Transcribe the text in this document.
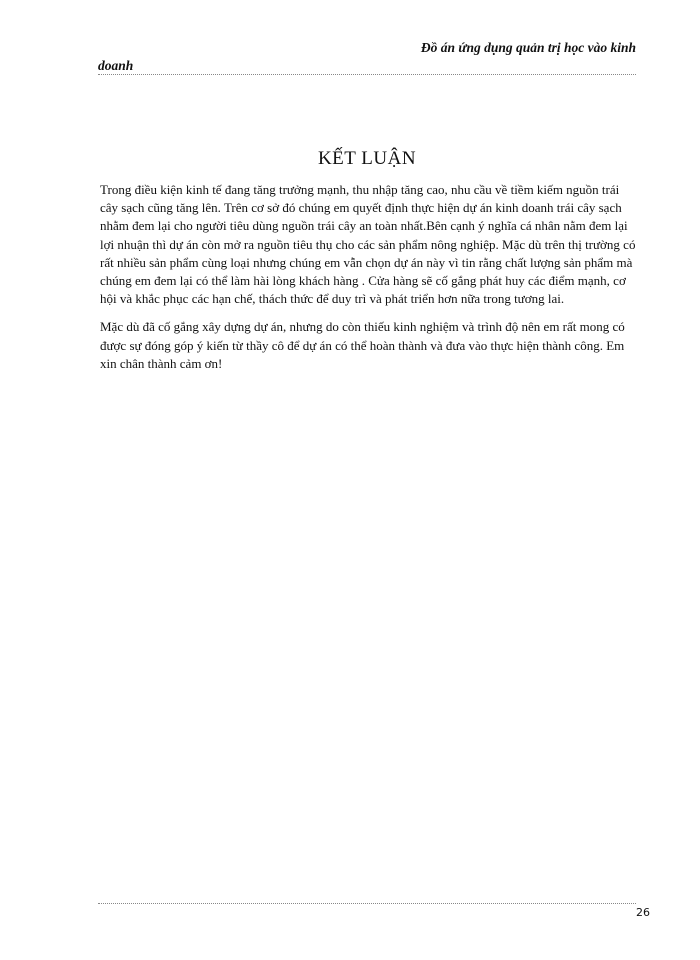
Đồ án ứng dụng quản trị học vào kinh
doanh
KẾT LUẬN

Trong điều kiện kinh tế đang tăng trưởng mạnh, thu nhập tăng cao, nhu cầu về tiềm kiếm nguồn trái cây sạch cũng tăng lên. Trên cơ sở đó chúng em quyết định thực hiện dự án kinh doanh trái cây sạch nhằm đem lại cho người tiêu dùng nguồn trái cây an toàn nhất.Bên cạnh ý nghĩa cá nhân nằm đem lại lợi nhuận thì dự án còn mở ra nguồn tiêu thụ cho các sản phẩm nông nghiệp. Mặc dù trên thị trường có rất nhiều sản phẩm cùng loại nhưng chúng em vẫn chọn dự án này vì tin rằng chất lượng sản phẩm mà chúng em đem lại có thể làm hài lòng khách hàng . Cửa hàng sẽ cố gắng phát huy các điểm mạnh, cơ hội và khắc phục các hạn chế, thách thức để duy trì và phát triển hơn nữa trong tương lai.

Mặc dù đã cố gắng xây dựng dự án, nhưng do còn thiếu kinh nghiệm và trình độ nên em rất mong có được sự đóng góp ý kiến từ thầy cô để dự án có thể hoàn thành và đưa vào thực hiện thành công. Em xin chân thành cảm ơn!

26
